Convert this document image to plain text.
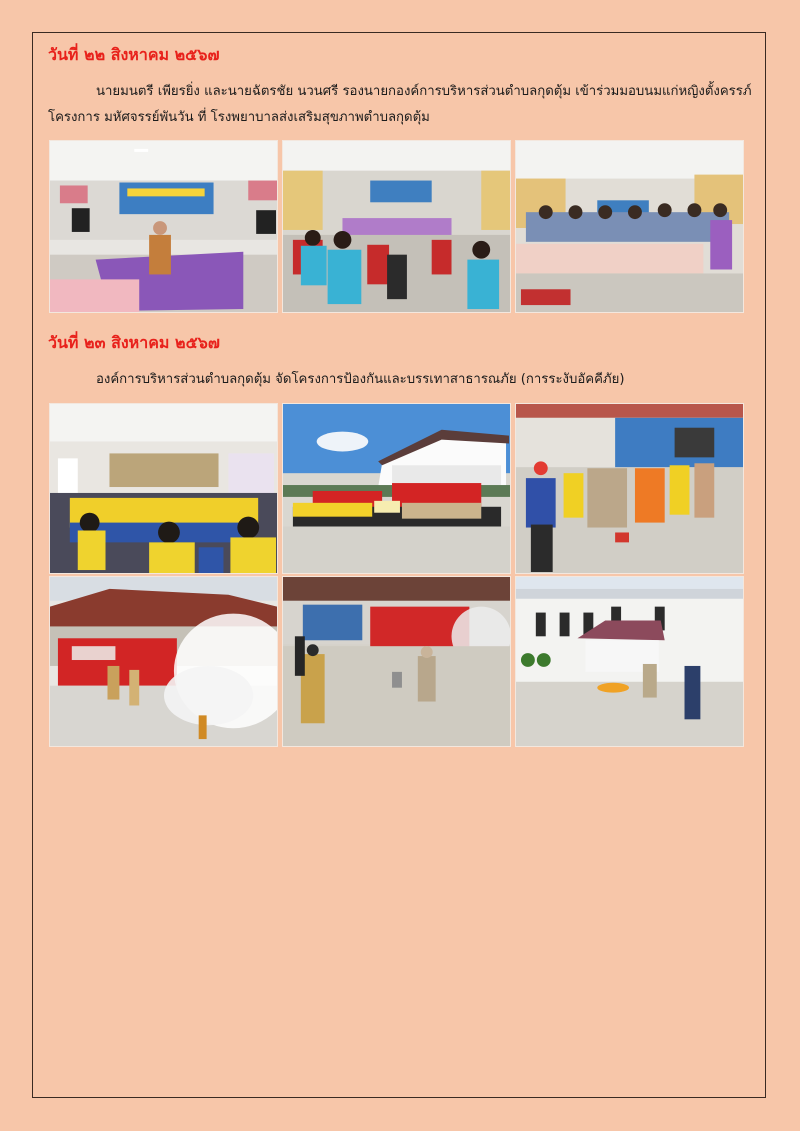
วันที่ ๒๒ สิงหาคม ๒๕๖๗
นายมนตรี เพียรยิ่ง และนายฉัตรชัย นวนศรี รองนายกองค์การบริหารส่วนตำบลกุดตุ้ม เข้าร่วมมอบนมแก่หญิงตั้งครรภ์
โครงการ มหัศจรรย์พันวัน ที่ โรงพยาบาลส่งเสริมสุขภาพตำบลกุดตุ้ม
วันที่ ๒๓ สิงหาคม ๒๕๖๗
องค์การบริหารส่วนตำบลกุดตุ้ม จัดโครงการป้องกันและบรรเทาสาธารณภัย (การระงับอัคคีภัย)
